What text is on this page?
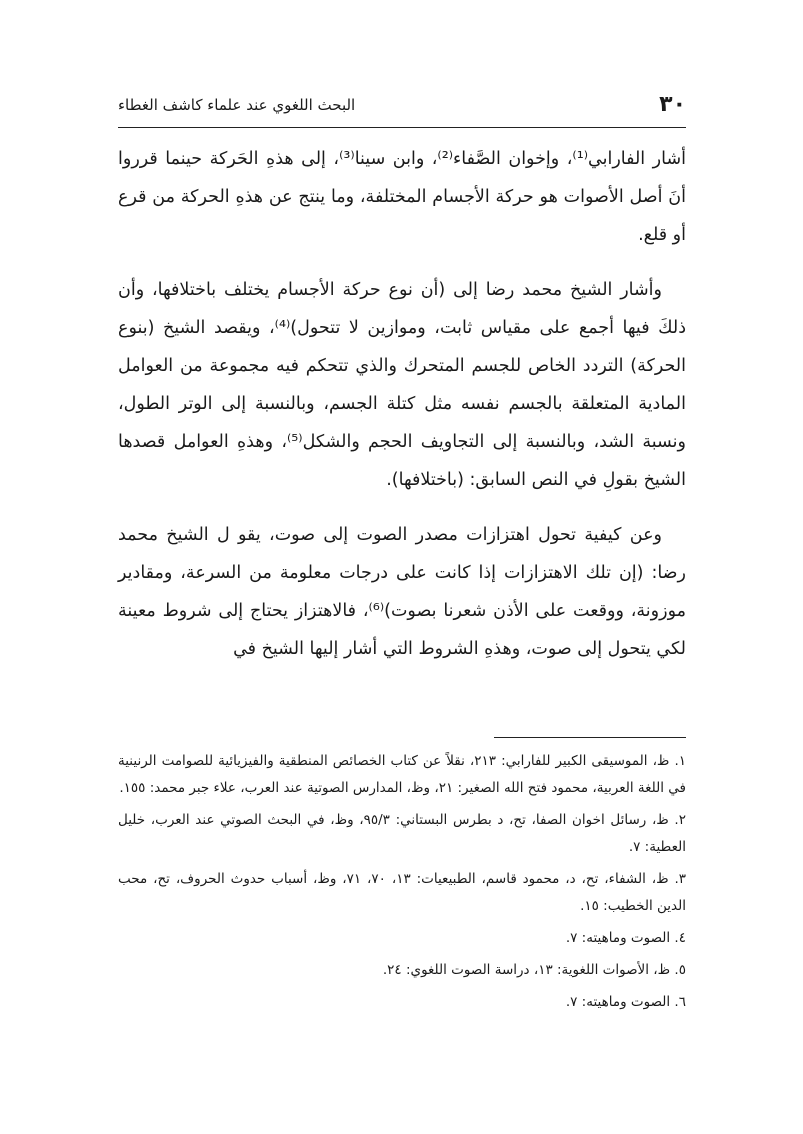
٣٠
البحث اللغوي عند علماء كاشف الغطاء

أشار الفارابي⁽¹⁾، وإخوان الصَّفاء⁽²⁾، وابن سينا⁽³⁾، إلى هذهِ الحَركة حينما قرروا أنَ أصل الأصوات هو حركة الأجسام المختلفة، وما ينتج عن هذهِ الحركة من قرع أو قلع.

وأشار الشيخ محمد رضا إلى (أن نوع حركة الأجسام يختلف باختلافها، وأن ذلكَ فيها أجمع على مقياس ثابت، وموازين لا تتحول)⁽⁴⁾، ويقصد الشيخ (بنوع الحركة) التردد الخاص للجسم المتحرك والذي تتحكم فيه مجموعة من العوامل المادية المتعلقة بالجسم نفسه مثل كتلة الجسم، وبالنسبة إلى الوتر الطول، ونسبة الشد، وبالنسبة إلى التجاويف الحجم والشكل⁽⁵⁾، وهذهِ العوامل قصدها الشيخ بقولِ في النص السابق: (باختلافها).

وعن كيفية تحول اهتزازات مصدر الصوت إلى صوت، يقو ل الشيخ محمد رضا: (إن تلك الاهتزازات إذا كانت على درجات معلومة من السرعة، ومقادير موزونة، ووقعت على الأذن شعرنا بصوت)⁽⁶⁾، فالاهتزاز يحتاج إلى شروط معينة لكي يتحول إلى صوت، وهذهِ الشروط التي أشار إليها الشيخ في

١. ظ، الموسيقى الكبير للفارابي: ٢١٣، نقلاً عن كتاب الخصائص المنطقية والفيزيائية للصوامت الرنينية في اللغة العربية، محمود فتح الله الصغير: ٢١، وظ، المدارس الصوتية عند العرب، علاء جبر محمد: ١٥٥.
٢. ظ، رسائل اخوان الصفا، تح، د بطرس البستاني: ٩٥/٣، وظ، في البحث الصوتي عند العرب، خليل العطية: ٧.
٣. ظ، الشفاء، تح، د، محمود قاسم، الطبيعيات: ١٣، ٧٠، ٧١، وظ، أسباب حدوث الحروف، تح، محب الدين الخطيب: ١٥.
٤. الصوت وماهيته: ٧.
٥. ظ، الأصوات اللغوية: ١٣، دراسة الصوت اللغوي: ٢٤.
٦. الصوت وماهيته: ٧.
